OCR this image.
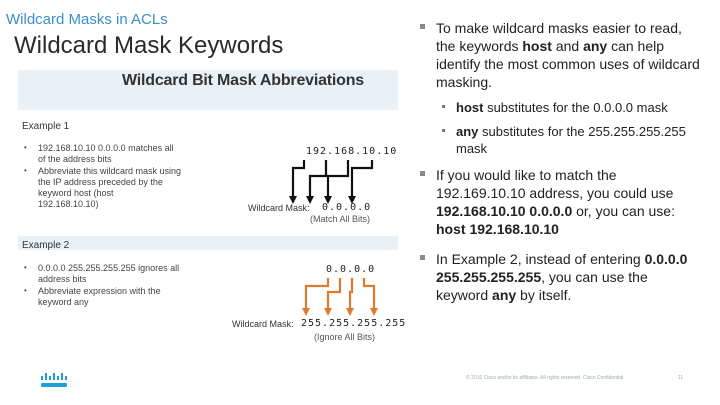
Wildcard Masks in ACLs
Wildcard Mask Keywords
Wildcard Bit Mask Abbreviations
Example 1
• 192.168.10.10 0.0.0.0 matches all
of the address bits
• Abbreviate this wildcard mask using
the IP address preceded by the
keyword host (host
192.168.10.10)
192.168.10.10
Wildcard Mask: 0.0.0.0
(Match All Bits)
Example 2
• 0.0.0.0 255.255.255.255 ignores all
address bits
• Abbreviate expression with the
keyword any
0.0.0.0
Wildcard Mask: 255.255.255.255
(Ignore All Bits)
To make wildcard masks easier to read, the keywords host and any can help identify the most common uses of wildcard masking.
host substitutes for the 0.0.0.0 mask
any substitutes for the 255.255.255.255 mask
If you would like to match the 192.169.10.10 address, you could use 192.168.10.10 0.0.0.0 or, you can use: host 192.168.10.10
In Example 2, instead of entering 0.0.0.0 255.255.255.255, you can use the keyword any by itself.
© 2016 Cisco and/or its affiliates. All rights reserved. Cisco Confidential	11
